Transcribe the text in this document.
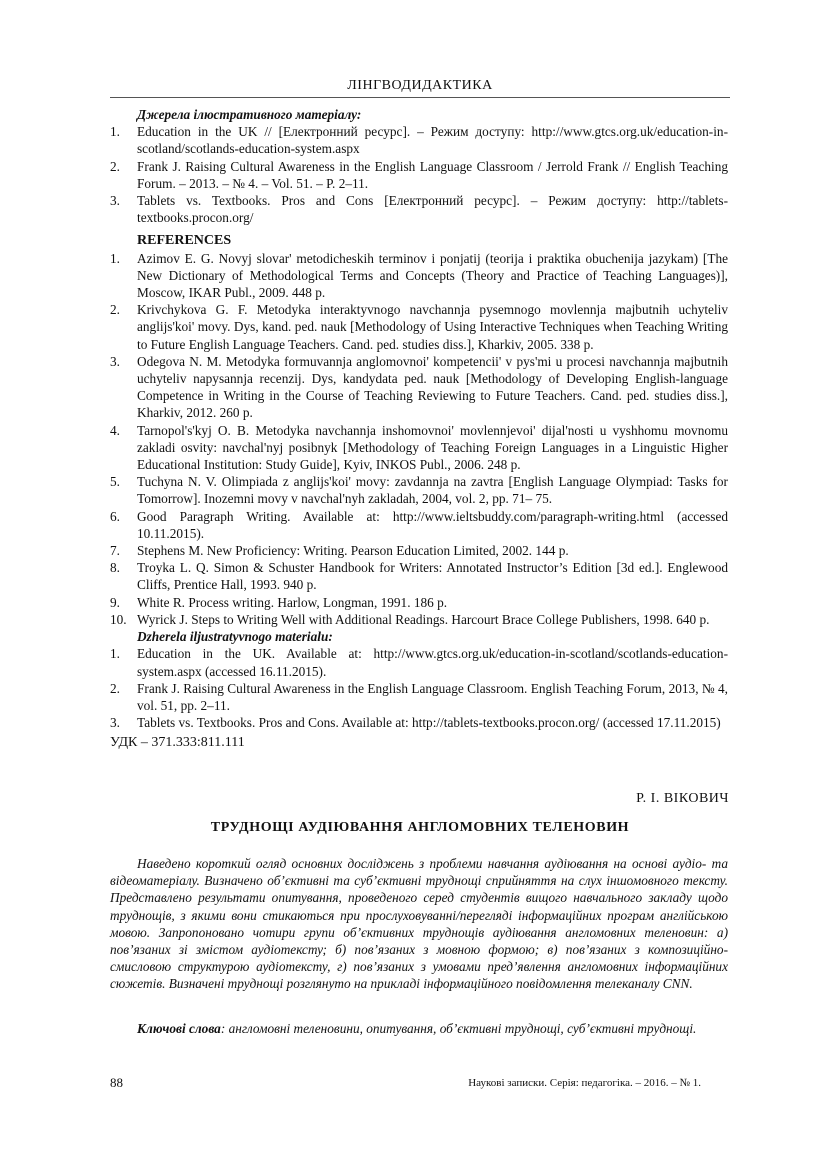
ЛІНГВОДИДАКТИКА

Джерела ілюстративного матеріалу:

1.	Education in the UK // [Електронний ресурс]. – Режим доступу: http://www.gtcs.org.uk/education-in-scotland/scotlands-education-system.aspx
2.	Frank J. Raising Cultural Awareness in the English Language Classroom / Jerrold Frank // English Teaching Forum. – 2013. – № 4. – Vol. 51. – P. 2–11.
3.	Tablets vs. Textbooks. Pros and Cons [Електронний ресурс]. – Режим доступу: http://tablets-textbooks.procon.org/

REFERENCES

1.	Azimov E. G. Novyj slovar' metodicheskih terminov i ponjatij (teorija i praktika obuchenija jazykam) [The New Dictionary of Methodological Terms and Concepts (Theory and Practice of Teaching Languages)], Moscow, IKAR Publ., 2009. 448 p.
2.	Krivchykova G. F. Metodyka interaktyvnogo navchannja pysemnogo movlennja majbutnih uchyteliv anglijs'koi' movy. Dys, kand. ped. nauk [Methodology of Using Interactive Techniques when Teaching Writing to Future English Language Teachers. Cand. ped. studies diss.], Kharkiv, 2005. 338 p.
3.	Odegova N. M. Metodyka formuvannja anglomovnoi' kompetencii' v pys'mi u procesi navchannja majbutnih uchyteliv napysannja recenzij. Dys, kandydata ped. nauk [Methodology of Developing English-language Competence in Writing in the Course of Teaching Reviewing to Future Teachers. Cand. ped. studies diss.], Kharkiv, 2012. 260 p.
4.	Tarnopol's'kyj O. B. Metodyka navchannja inshomovnoi' movlennjevoi' dijal'nosti u vyshhomu movnomu zakladi osvity: navchal'nyj posibnyk [Methodology of Teaching Foreign Languages in a Linguistic Higher Educational Institution: Study Guide], Kyiv, INKOS Publ., 2006. 248 p.
5.	Tuchyna N. V. Olimpiada z anglijs'koi' movy: zavdannja na zavtra [English Language Olympiad: Tasks for Tomorrow]. Inozemni movy v navchal'nyh zakladah, 2004, vol. 2, pp. 71– 75.
6.	Good Paragraph Writing. Available at: http://www.ieltsbuddy.com/paragraph-writing.html (accessed 10.11.2015).
7.	Stephens M. New Proficiency: Writing. Pearson Education Limited, 2002. 144 p.
8.	Troyka L. Q. Simon & Schuster Handbook for Writers: Annotated Instructor’s Edition [3d ed.]. Englewood Cliffs, Prentice Hall, 1993. 940 p.
9.	White R. Process writing. Harlow, Longman, 1991. 186 p.
10. Wyrick J. Steps to Writing Well with Additional Readings. Harcourt Brace College Publishers, 1998. 640 p.

Dzherela iljustratyvnogo materialu:

1.	Education in the UK. Available at: http://www.gtcs.org.uk/education-in-scotland/scotlands-education-system.aspx (accessed 16.11.2015).
2.	Frank J. Raising Cultural Awareness in the English Language Classroom. English Teaching Forum, 2013, № 4, vol. 51, pp. 2–11.
3.	Tablets vs. Textbooks. Pros and Cons. Available at: http://tablets-textbooks.procon.org/ (accessed 17.11.2015)
УДК – 371.333:811.111
Р. І. ВІКОВИЧ
ТРУДНОЩІ АУДІЮВАННЯ АНГЛОМОВНИХ ТЕЛЕНОВИН

Наведено короткий огляд основних досліджень з проблеми навчання аудіювання на основі аудіо- та відеоматеріалу. Визначено об’єктивні та суб’єктивні труднощі сприйняття на слух іншомовного тексту. Представлено результати опитування, проведеного серед студентів вищого навчального закладу щодо труднощів, з якими вони стикаються при прослуховуванні/перегляді інформаційних програм англійською мовою. Запропоновано чотири групи об’єктивних труднощів аудіювання англомовних теленовин: а) пов’язаних зі змістом аудіотексту; б) пов’язаних з мовною формою; в) пов’язаних з композиційно-смисловою структурою аудіотексту, г) пов’язаних з умовами пред’явлення англомовних інформаційних сюжетів. Визначені труднощі розглянуто на прикладі інформаційного повідомлення телеканалу CNN.

Ключові слова: англомовні теленовини, опитування, об’єктивні труднощі, суб’єктивні труднощі.

88	Наукові записки. Серія: педагогіка. – 2016. – № 1.
